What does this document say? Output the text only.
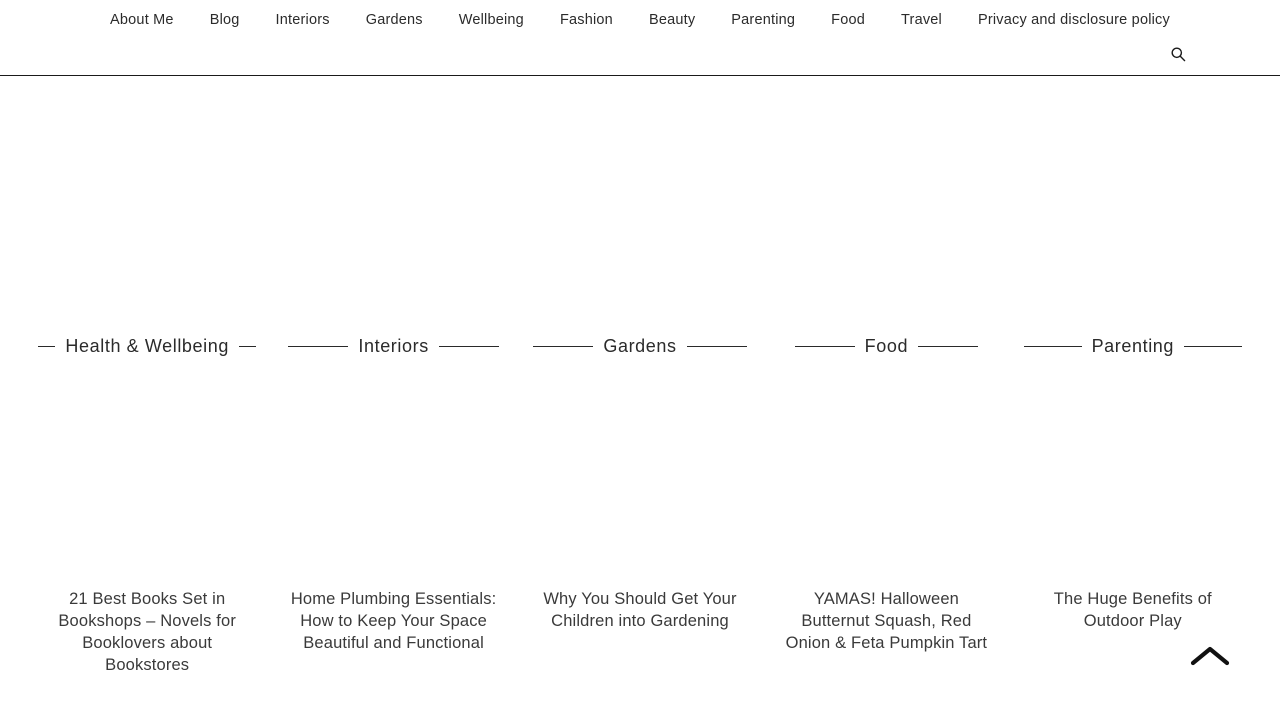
About Me	Blog	Interiors	Gardens	Wellbeing	Fashion	Beauty	Parenting	Food	Travel	Privacy and disclosure policy
Health & Wellbeing
21 Best Books Set in Bookshops – Novels for Booklovers about Bookstores
Interiors
Home Plumbing Essentials: How to Keep Your Space Beautiful and Functional
Gardens
Why You Should Get Your Children into Gardening
Food
YAMAS! Halloween Butternut Squash, Red Onion & Feta Pumpkin Tart
Parenting
The Huge Benefits of Outdoor Play
